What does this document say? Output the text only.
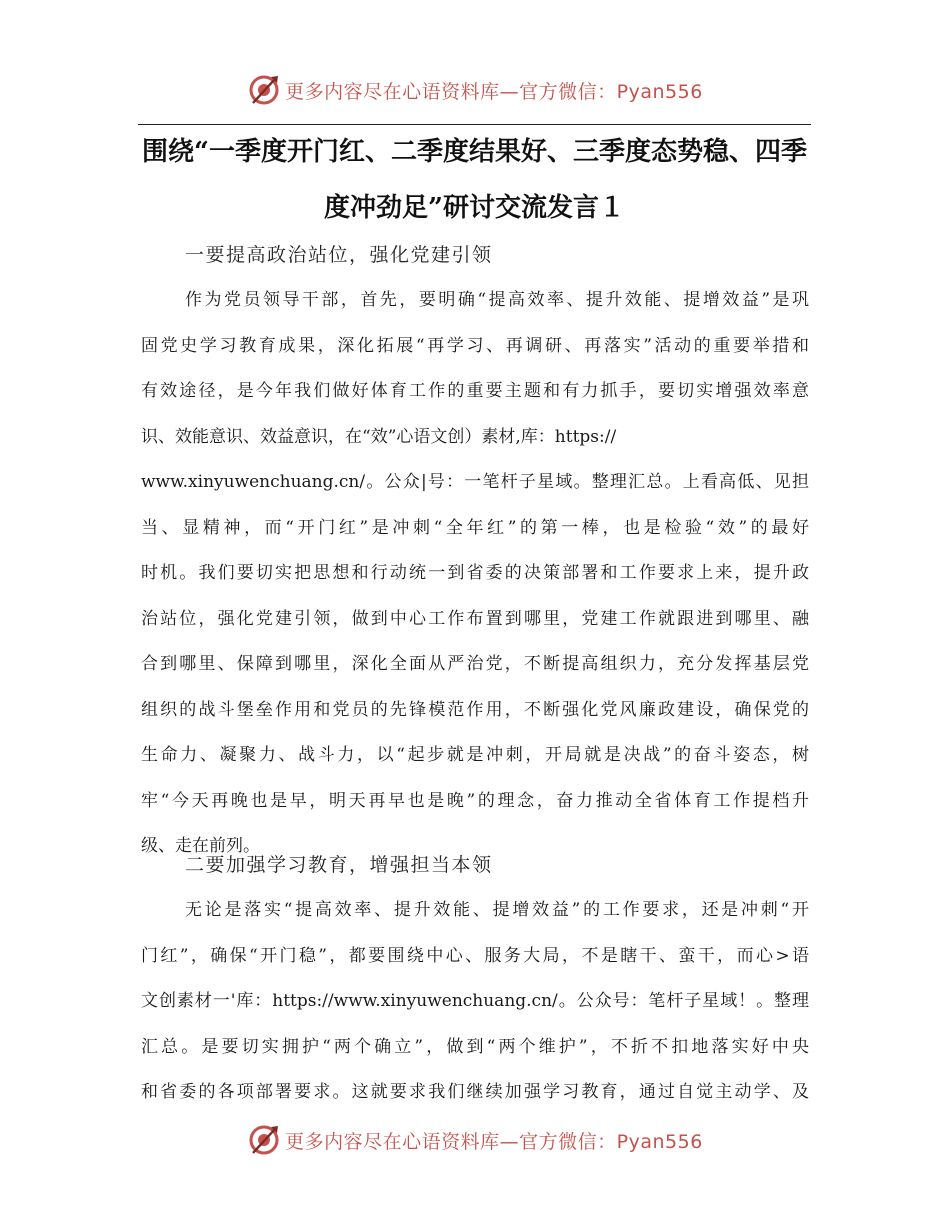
更多内容尽在心语资料库—官方微信：Pyan556
围绕“一季度开门红、二季度结果好、三季度态势稳、四季
度冲劲足”研讨交流发言１
一要提高政治站位，强化党建引领
作为党员领导干部，首先，要明确“提高效率、提升效能、提增效益”是巩
固党史学习教育成果，深化拓展“再学习、再调研、再落实”活动的重要举措和
有效途径，是今年我们做好体育工作的重要主题和有力抓手，要切实增强效率意
识、效能意识、效益意识，在“效”心语文创）素材,库：https://
www.xinyuwenchuang.cn/。公众|号：一笔杆子星域。整理汇总。上看高低、见担
当、显精神，而“开门红”是冲刺“全年红”的第一棒，也是检验“效”的最好
时机。我们要切实把思想和行动统一到省委的决策部署和工作要求上来，提升政
治站位，强化党建引领，做到中心工作布置到哪里，党建工作就跟进到哪里、融
合到哪里、保障到哪里，深化全面从严治党，不断提高组织力，充分发挥基层党
组织的战斗堡垒作用和党员的先锋模范作用，不断强化党风廉政建设，确保党的
生命力、凝聚力、战斗力，以“起步就是冲刺，开局就是决战”的奋斗姿态，树
牢“今天再晚也是早，明天再早也是晚”的理念，奋力推动全省体育工作提档升
级、走在前列。
二要加强学习教育，增强担当本领
无论是落实“提高效率、提升效能、提增效益”的工作要求，还是冲刺“开
门红”，确保“开门稳”，都要围绕中心、服务大局，不是瞎干、蛮干，而心>语
文创素材一'库：https://www.xinyuwenchuang.cn/。公众号：笔杆子星域！。整理
汇总。是要切实拥护“两个确立”，做到“两个维护”，不折不扣地落实好中央
和省委的各项部署要求。这就要求我们继续加强学习教育，通过自觉主动学、及
更多内容尽在心语资料库—官方微信：Pyan556
